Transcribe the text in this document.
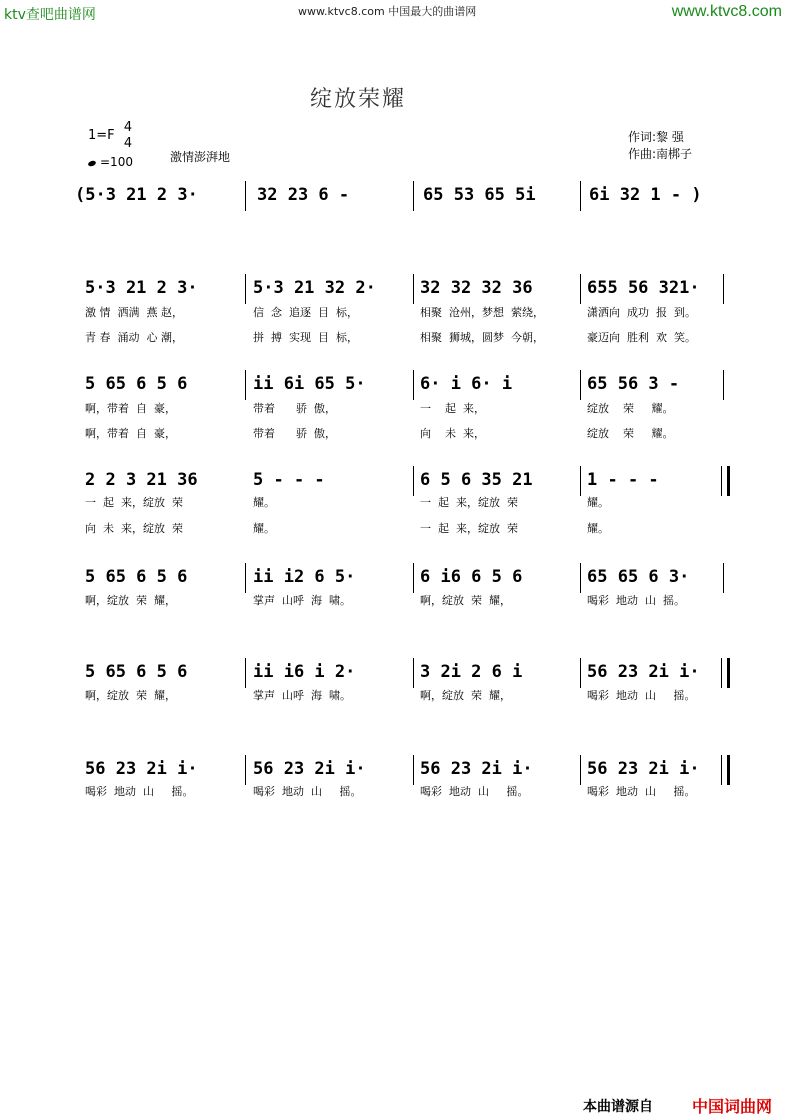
ktv查吧曲谱网	www.ktvc8.com 中国最大的曲谱网	www.ktvc8.com
绽放荣耀
1=F
4
4
=100	激情澎湃地
作词:黎 强
作曲:南梆子
(5·3 21 2 3·	32 23 6 -	65 53 65 5i	6i 32 1 - )
5·3 21 2 3·	5·3 21 32 2·	32 32 32 36	655 56 321·
激 情  洒满  燕 赵，	信  念  追逐  目  标，	相聚  沧州，梦想  萦绕，	潇洒向  成功  报  到。
青 春  涌动  心 潮，	拼  搏  实现  目  标，	相聚  狮城，圆梦  今朝，	豪迈向  胜利  欢  笑。
5 65 6 5 6	ii 6i 65 5·	6· i 6· i	65 56 3 -
啊，带着  自  豪，	带着      骄  傲，	一    起  来，	绽放    荣     耀。
啊，带着  自  豪，	带着      骄  傲，	向    未  来，	绽放    荣     耀。
2 2 3 21 36	5 - - -	6 5 6 35 21	1 - - -
一  起  来，绽放  荣	耀。	一  起  来，绽放  荣	耀。
向  未  来，绽放  荣	耀。	一  起  来，绽放  荣	耀。
5 65 6 5 6	ii i2 6 5·	6 i6 6 5 6	65 65 6 3·
啊，绽放  荣  耀，	掌声  山呼  海  啸。	啊，绽放  荣  耀，	喝彩  地动  山  摇。
5 65 6 5 6	ii i6 i 2·	3 2i 2 6 i	56 23 2i i·
啊，绽放  荣  耀，	掌声  山呼  海  啸。	啊，绽放  荣  耀，	喝彩  地动  山     摇。
56 23 2i i·	56 23 2i i·	56 23 2i i·	56 23 2i i·
喝彩  地动  山     摇。	喝彩  地动  山     摇。	喝彩  地动  山     摇。	喝彩  地动  山     摇。
本曲谱源自 中国词曲网
